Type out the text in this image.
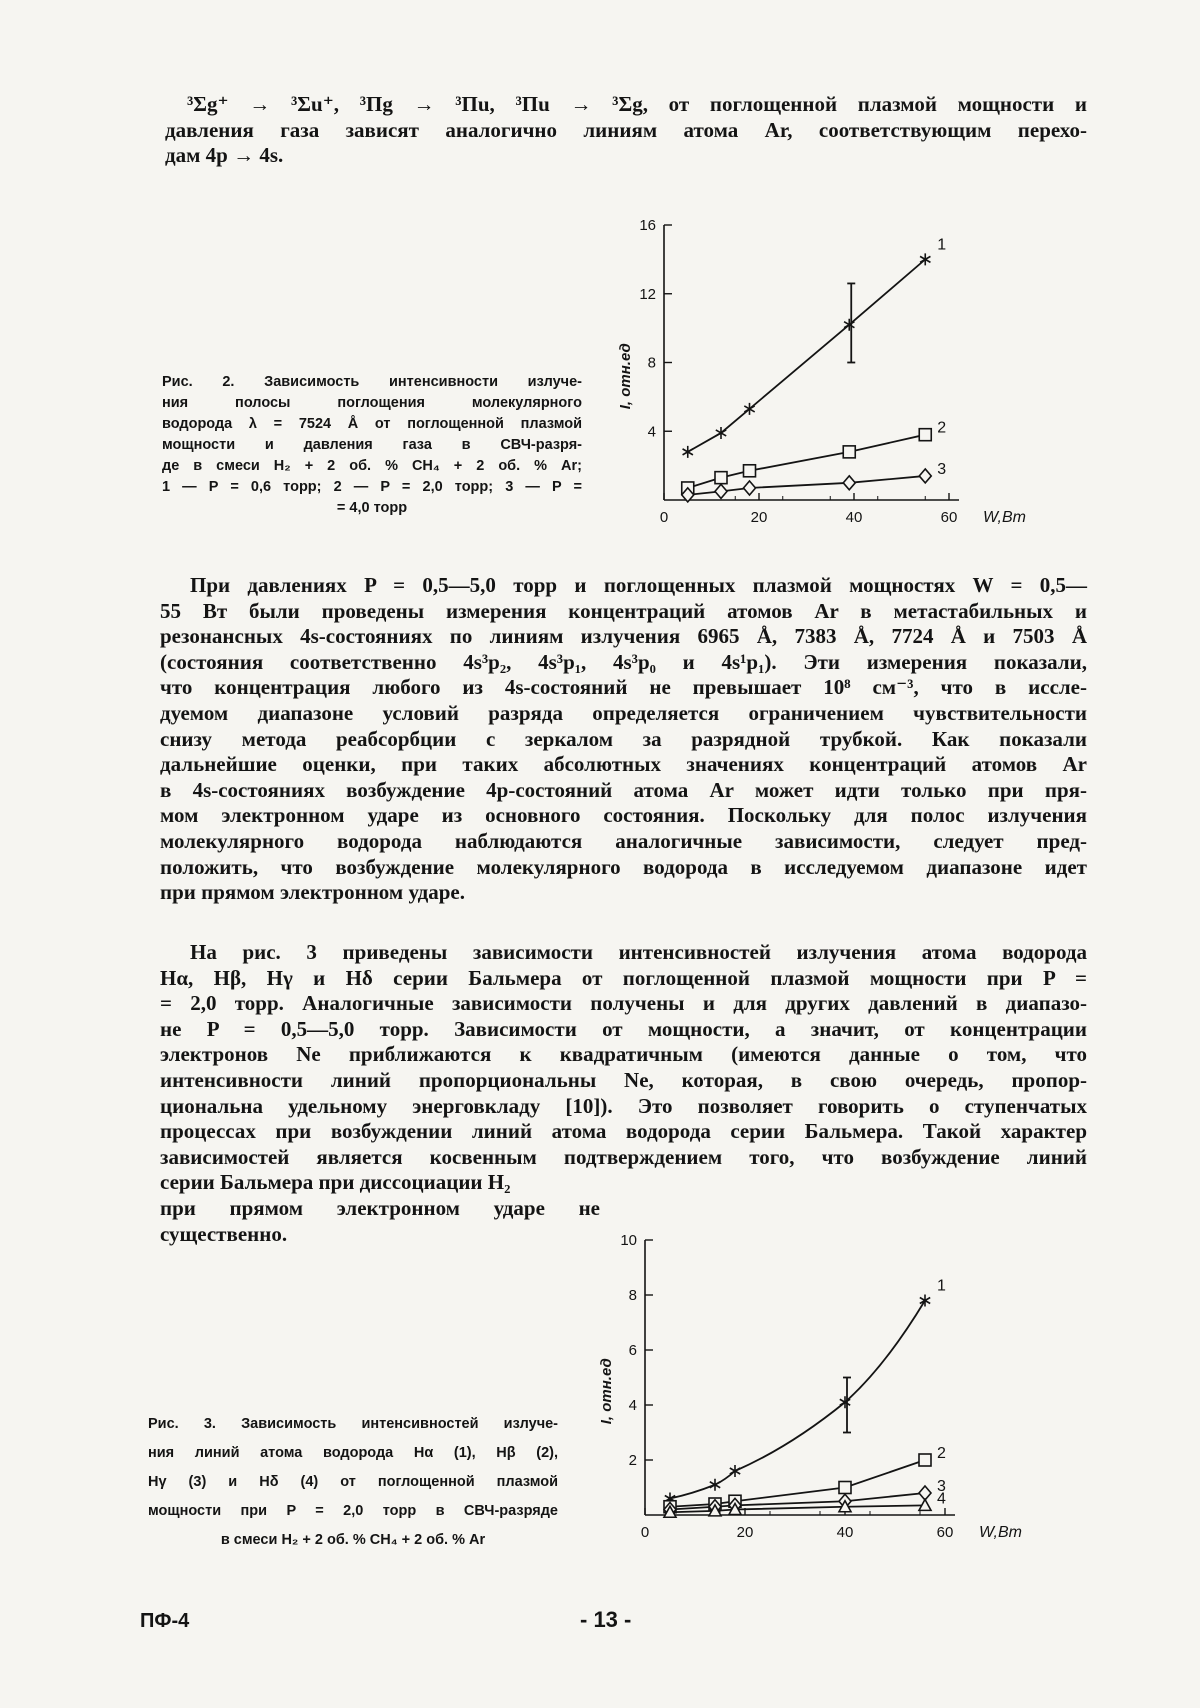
³Σg⁺ → ³Σu⁺, ³Πg → ³Πu, ³Πu → ³Σg, от поглощенной плазмой мощности и
давления газа зависят аналогично линиям атома Ar, соответствующим перехо-
дам 4p → 4s.
Рис. 2. Зависимость интенсивности излуче-
ния полосы поглощения молекулярного
водорода λ = 7524 Å от поглощенной плазмой
мощности и давления газа в СВЧ-разря-
де в смеси H₂ + 2 об. % CH₄ + 2 об. % Ar;
1 — P = 0,6 торр; 2 — P = 2,0 торр; 3 — P =
= 4,0 торр
0	20	40	60
4
8
12
16
W,Вт
I, отн.ед
1
2
3
При давлениях P = 0,5—5,0 торр и поглощенных плазмой мощностях W = 0,5—
55 Вт были проведены измерения концентраций атомов Ar в метастабильных и
резонансных 4s-состояниях по линиям излучения 6965 Å, 7383 Å, 7724 Å и 7503 Å
(состояния соответственно 4s³p₂, 4s³p₁, 4s³p₀ и 4s¹p₁). Эти измерения показали,
что концентрация любого из 4s-состояний не превышает 10⁸ см⁻³, что в иссле-
дуемом диапазоне условий разряда определяется ограничением чувствительности
снизу метода реабсорбции с зеркалом за разрядной трубкой. Как показали
дальнейшие оценки, при таких абсолютных значениях концентраций атомов Ar
в 4s-состояниях возбуждение 4p-состояний атома Ar может идти только при пря-
мом электронном ударе из основного состояния. Поскольку для полос излучения
молекулярного водорода наблюдаются аналогичные зависимости, следует пред-
положить, что возбуждение молекулярного водорода в исследуемом диапазоне идет
при прямом электронном ударе.
На рис. 3 приведены зависимости интенсивностей излучения атома водорода
Hα, Hβ, Hγ и Hδ серии Бальмера от поглощенной плазмой мощности при P =
= 2,0 торр. Аналогичные зависимости получены и для других давлений в диапазо-
не P = 0,5—5,0 торр. Зависимости от мощности, а значит, от концентрации
электронов Ne приближаются к квадратичным (имеются данные о том, что
интенсивности линий пропорциональны Ne, которая, в свою очередь, пропор-
циональна удельному энерговкладу [10]). Это позволяет говорить о ступенчатых
процессах при возбуждении линий атома водорода серии Бальмера. Такой характер
зависимостей является косвенным подтверждением того, что возбуждение линий
серии Бальмера при диссоциации H₂
при прямом электронном ударе не
существенно.
Рис. 3. Зависимость интенсивностей излуче-
ния линий атома водорода Hα (1), Hβ (2),
Hγ (3) и Hδ (4) от поглощенной плазмой
мощности при P = 2,0 торр в СВЧ-разряде
в смеси H₂ + 2 об. % CH₄ + 2 об. % Ar	0	20	40	60
2
4
6
8
10
W,Вт
I, отн.ед
1
2
3
4
ПФ-4	- 13 -
